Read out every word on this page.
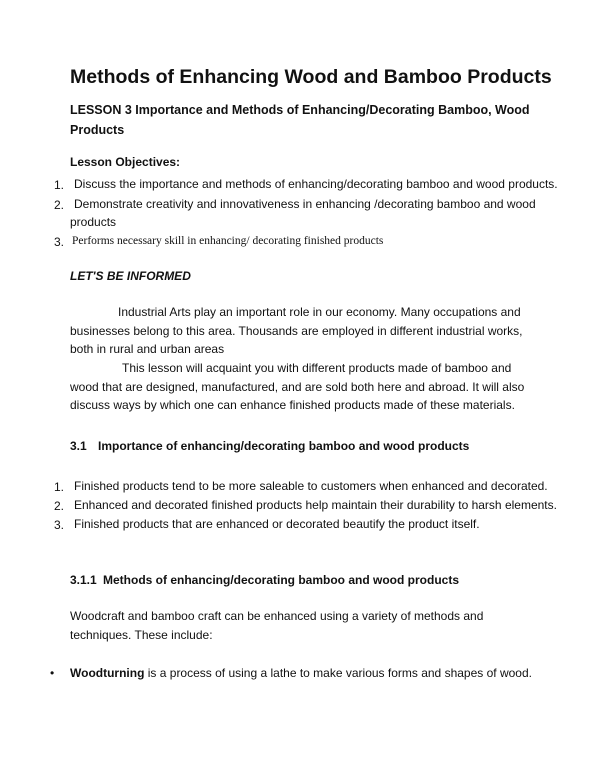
Methods of Enhancing Wood and Bamboo Products
LESSON 3 Importance and Methods of Enhancing/Decorating Bamboo, Wood Products
Lesson Objectives:
1. Discuss the importance and methods of enhancing/decorating bamboo and wood products.
2. Demonstrate creativity and innovativeness in enhancing /decorating bamboo and wood
products
3. Performs necessary skill in enhancing/ decorating finished products
LET'S BE INFORMED
Industrial Arts play an important role in our economy. Many occupations and businesses belong to this area. Thousands are employed in different industrial works, both in rural and urban areas
This lesson will acquaint you with different products made of bamboo and wood that are designed, manufactured, and are sold both here and abroad. It will also discuss ways by which one can enhance finished products made of these materials.
3.1 Importance of enhancing/decorating bamboo and wood products
1. Finished products tend to be more saleable to customers when enhanced and decorated.
2. Enhanced and decorated finished products help maintain their durability to harsh elements.
3. Finished products that are enhanced or decorated beautify the product itself.
3.1.1 Methods of enhancing/decorating bamboo and wood products
Woodcraft and bamboo craft can be enhanced using a variety of methods and techniques. These include:
• Woodturning is a process of using a lathe to make various forms and shapes of wood.
